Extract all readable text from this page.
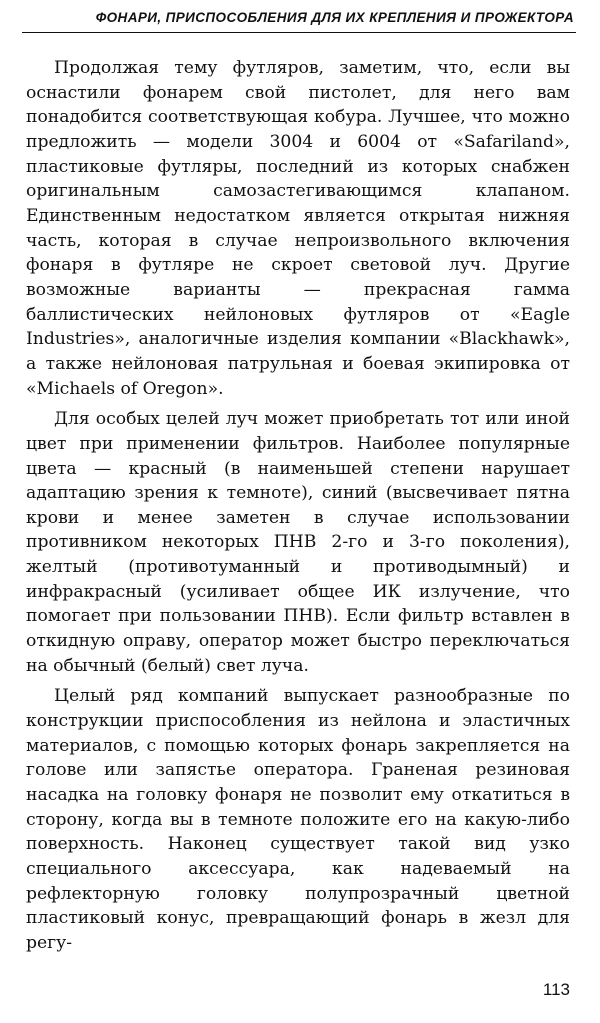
ФОНАРИ, ПРИСПОСОБЛЕНИЯ ДЛЯ ИХ КРЕПЛЕНИЯ И ПРОЖЕКТОРА

Продолжая тему футляров, заметим, что, если вы оснастили фонарем свой пистолет, для него вам понадобится соответствующая кобура. Лучшее, что можно предложить — модели 3004 и 6004 от «Safariland», пластиковые футляры, последний из которых снабжен оригинальным самозастегивающимся клапаном. Единственным недостатком является открытая нижняя часть, которая в случае непроизвольного включения фонаря в футляре не скроет световой луч. Другие возможные варианты — прекрасная гамма баллистических нейлоновых футляров от «Eagle Industries», аналогичные изделия компании «Blackhawk», а также нейлоновая патрульная и боевая экипировка от «Michaels of Oregon».

Для особых целей луч может приобретать тот или иной цвет при применении фильтров. Наиболее популярные цвета — красный (в наименьшей степени нарушает адаптацию зрения к темноте), синий (высвечивает пятна крови и менее заметен в случае использовании противником некоторых ПНВ 2-го и 3-го поколения), желтый (противотуманный и противодымный) и инфракрасный (усиливает общее ИК излучение, что помогает при пользовании ПНВ). Если фильтр вставлен в откидную оправу, оператор может быстро переключаться на обычный (белый) свет луча.

Целый ряд компаний выпускает разнообразные по конструкции приспособления из нейлона и эластичных материалов, с помощью которых фонарь закрепляется на голове или запястье оператора. Граненая резиновая насадка на головку фонаря не позволит ему откатиться в сторону, когда вы в темноте положите его на какую-либо поверхность. Наконец существует такой вид узко специального аксессуара, как надеваемый на рефлекторную головку полупрозрачный цветной пластиковый конус, превращающий фонарь в жезл для регу-

113
